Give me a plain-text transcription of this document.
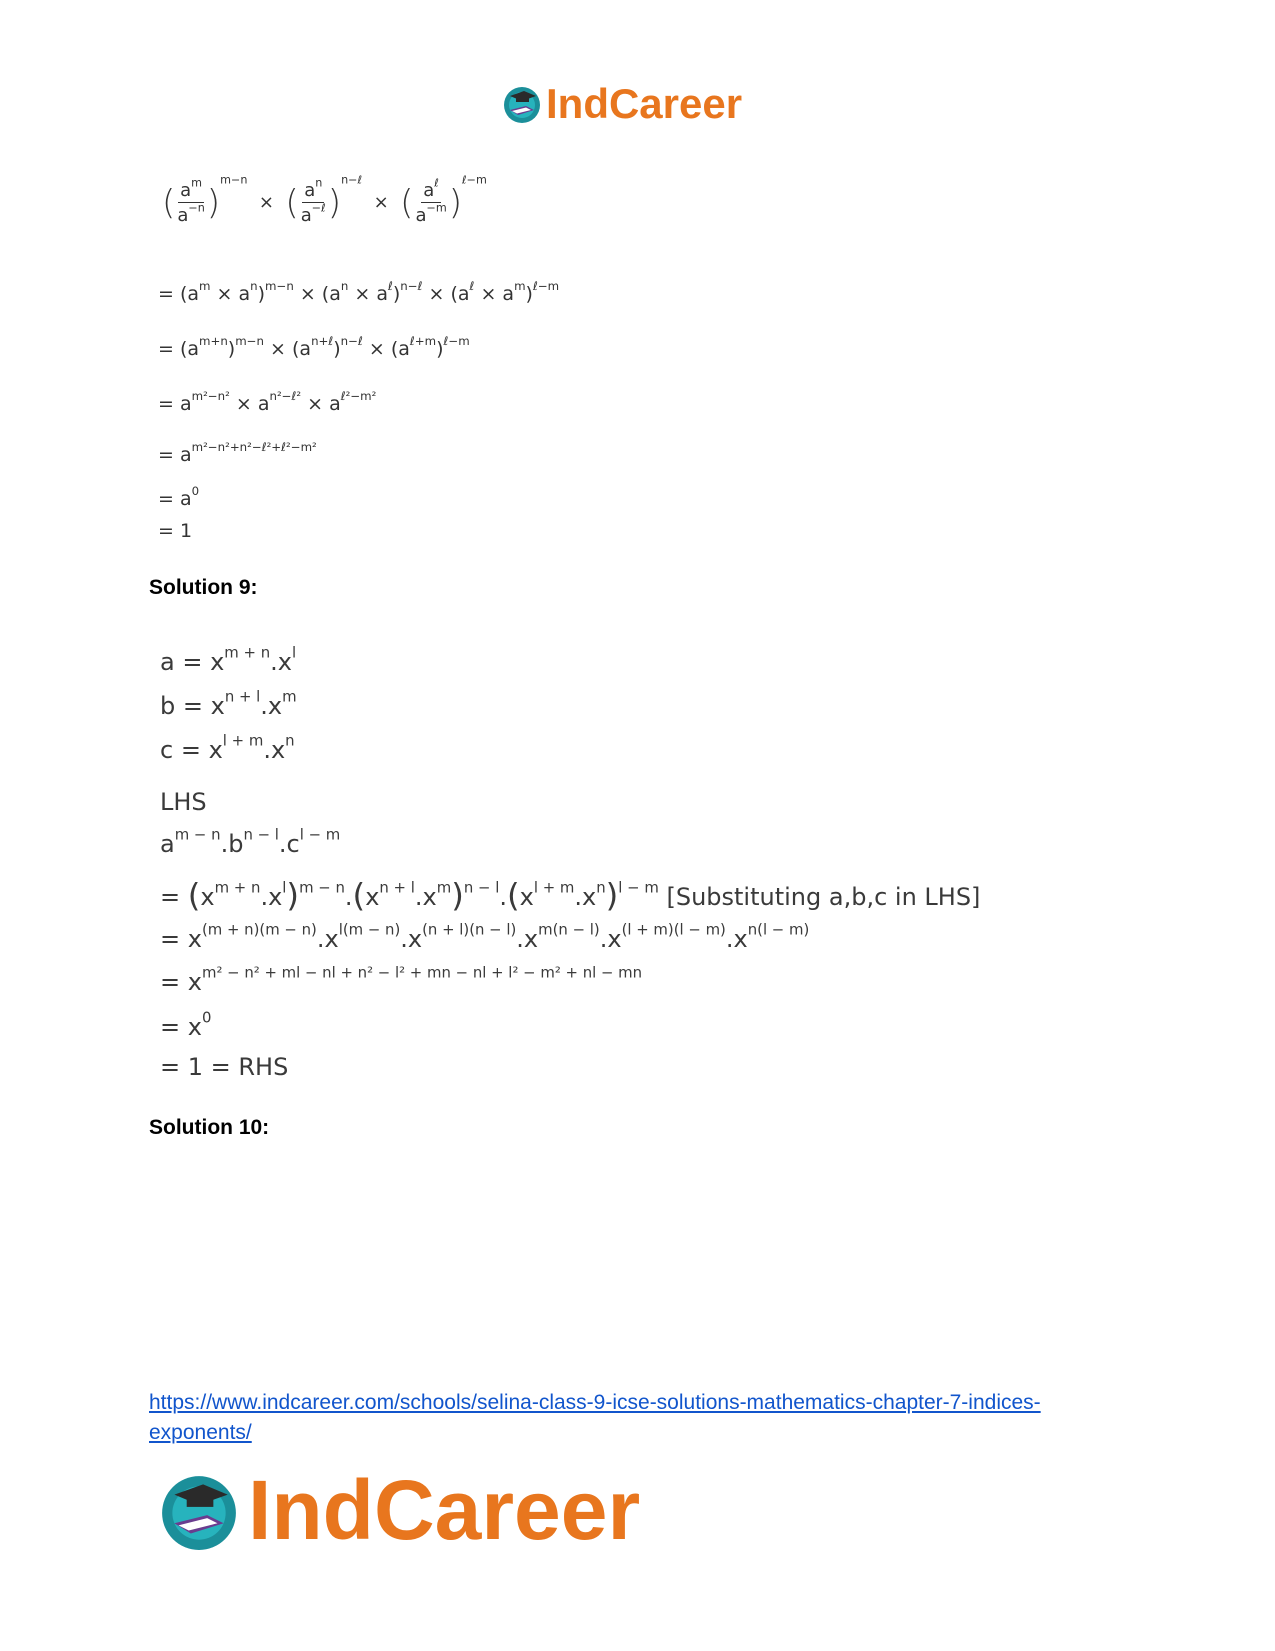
IndCareer
( $\frac{a^m}{a^{-n}} )^{m-n}$  ×  ( $\frac{a^n}{a^{-\ell}} )^{n-\ell}$  ×  ( $\frac{a^\ell}{a^{-m}} )^{\ell-m}$
= $(a^m \times a^n)^{m-n} \times (a^n \times a^\ell)^{n-\ell} \times (a^\ell \times a^m)^{\ell-m}$
= $(a^{m+n})^{m-n} \times (a^{n+\ell})^{n-\ell} \times (a^{\ell+m})^{\ell-m}$
= $a^{m^2-n^2} \times a^{n^2-\ell^2} \times a^{\ell^2-m^2}$
= $a^{m^2-n^2+n^2-\ell^2+\ell^2-m^2}$
= $a^0$
= 1
Solution 9:
$a = x^{m + n}.x^l$
$b = x^{n + l}.x^m$
$c = x^{l + m}.x^n$
LHS
$a^{m - n}.b^{n - l}.c^{l - m}$
= $(x^{m + n}.x^l)^{m - n}.(x^{n + l}.x^m)^{n - l}.(x^{l + m}.x^n)^{l - m}$ [Substituting a,b,c in LHS]
= $x^{(m + n)(m - n)}.x^{l(m - n)}.x^{(n + l)(n - l)}.x^{m(n - l)}.x^{(l + m)(l - m)}.x^{n(l - m)}$
= $x^{m^2 - n^2 + ml - nl + n^2 - l^2 + mn - nl + l^2 - m^2 + nl - mn}$
= $x^0$
= 1 = RHS
Solution 10:
https://www.indcareer.com/schools/selina-class-9-icse-solutions-mathematics-chapter-7-indices-exponents/
IndCareer
